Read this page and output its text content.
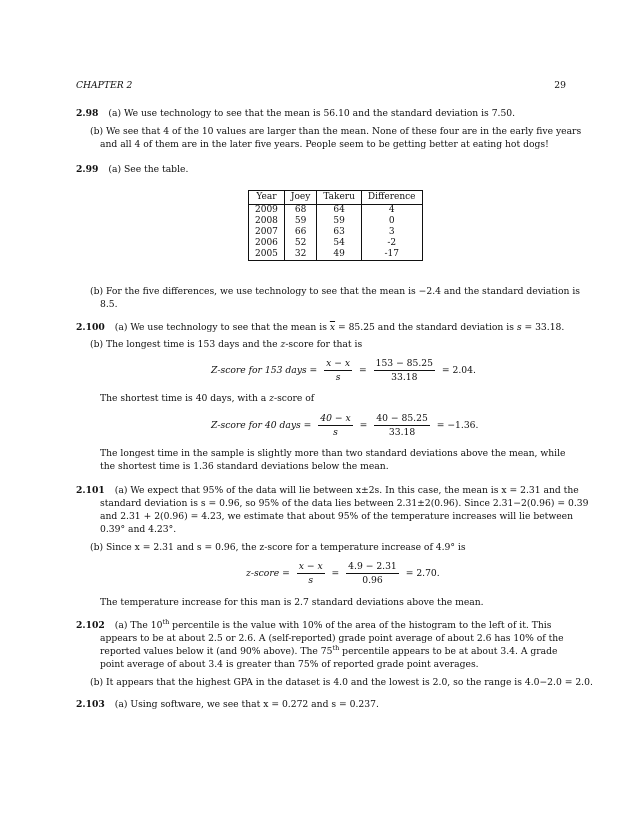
CHAPTER 2	29
2.98 (a) We use technology to see that the mean is 56.10 and the standard deviation is 7.50.
(b) We see that 4 of the 10 values are larger than the mean. None of these four are in the early five years
and all 4 of them are in the later five years. People seem to be getting better at eating hot dogs!
2.99 (a) See the table.
Year	Joey	Takeru	Difference
2009	68	64	4
2008	59	59	0
2007	66	63	3
2006	52	54	-2
2005	32	49	-17
(b) For the five differences, we use technology to see that the mean is −2.4 and the standard deviation is
8.5.
2.100 (a) We use technology to see that the mean is $\overline{x} = 85.25$ and the standard deviation is s = 33.18.
(b) The longest time is 153 days and the z-score for that is
Z-score for 153 days = $\frac{x - x}{s} = \frac{153 - 85.25}{33.18} = 2.04$.
The shortest time is 40 days, with a z-score of
Z-score for 40 days = $\frac{40 - x}{s} = \frac{40 - 85.25}{33.18} = -1.36$.
The longest time in the sample is slightly more than two standard deviations above the mean, while
the shortest time is 1.36 standard deviations below the mean.
2.101 (a) We expect that 95% of the data will lie between x±2s. In this case, the mean is x = 2.31 and the
standard deviation is s = 0.96, so 95% of the data lies between 2.31±2(0.96). Since 2.31−2(0.96) = 0.39
and 2.31 + 2(0.96) = 4.23, we estimate that about 95% of the temperature increases will lie between
0.39° and 4.23°.
(b) Since x = 2.31 and s = 0.96, the z-score for a temperature increase of 4.9° is
z-score = $\frac{x - x}{s} = \frac{4.9 - 2.31}{0.96} = 2.70$.
The temperature increase for this man is 2.7 standard deviations above the mean.
2.102 (a) The 10th percentile is the value with 10% of the area of the histogram to the left of it. This
appears to be at about 2.5 or 2.6. A (self-reported) grade point average of about 2.6 has 10% of the
reported values below it (and 90% above). The 75th percentile appears to be at about 3.4. A grade
point average of about 3.4 is greater than 75% of reported grade point averages.
(b) It appears that the highest GPA in the dataset is 4.0 and the lowest is 2.0, so the range is 4.0−2.0 = 2.0.
2.103 (a) Using software, we see that x = 0.272 and s = 0.237.
